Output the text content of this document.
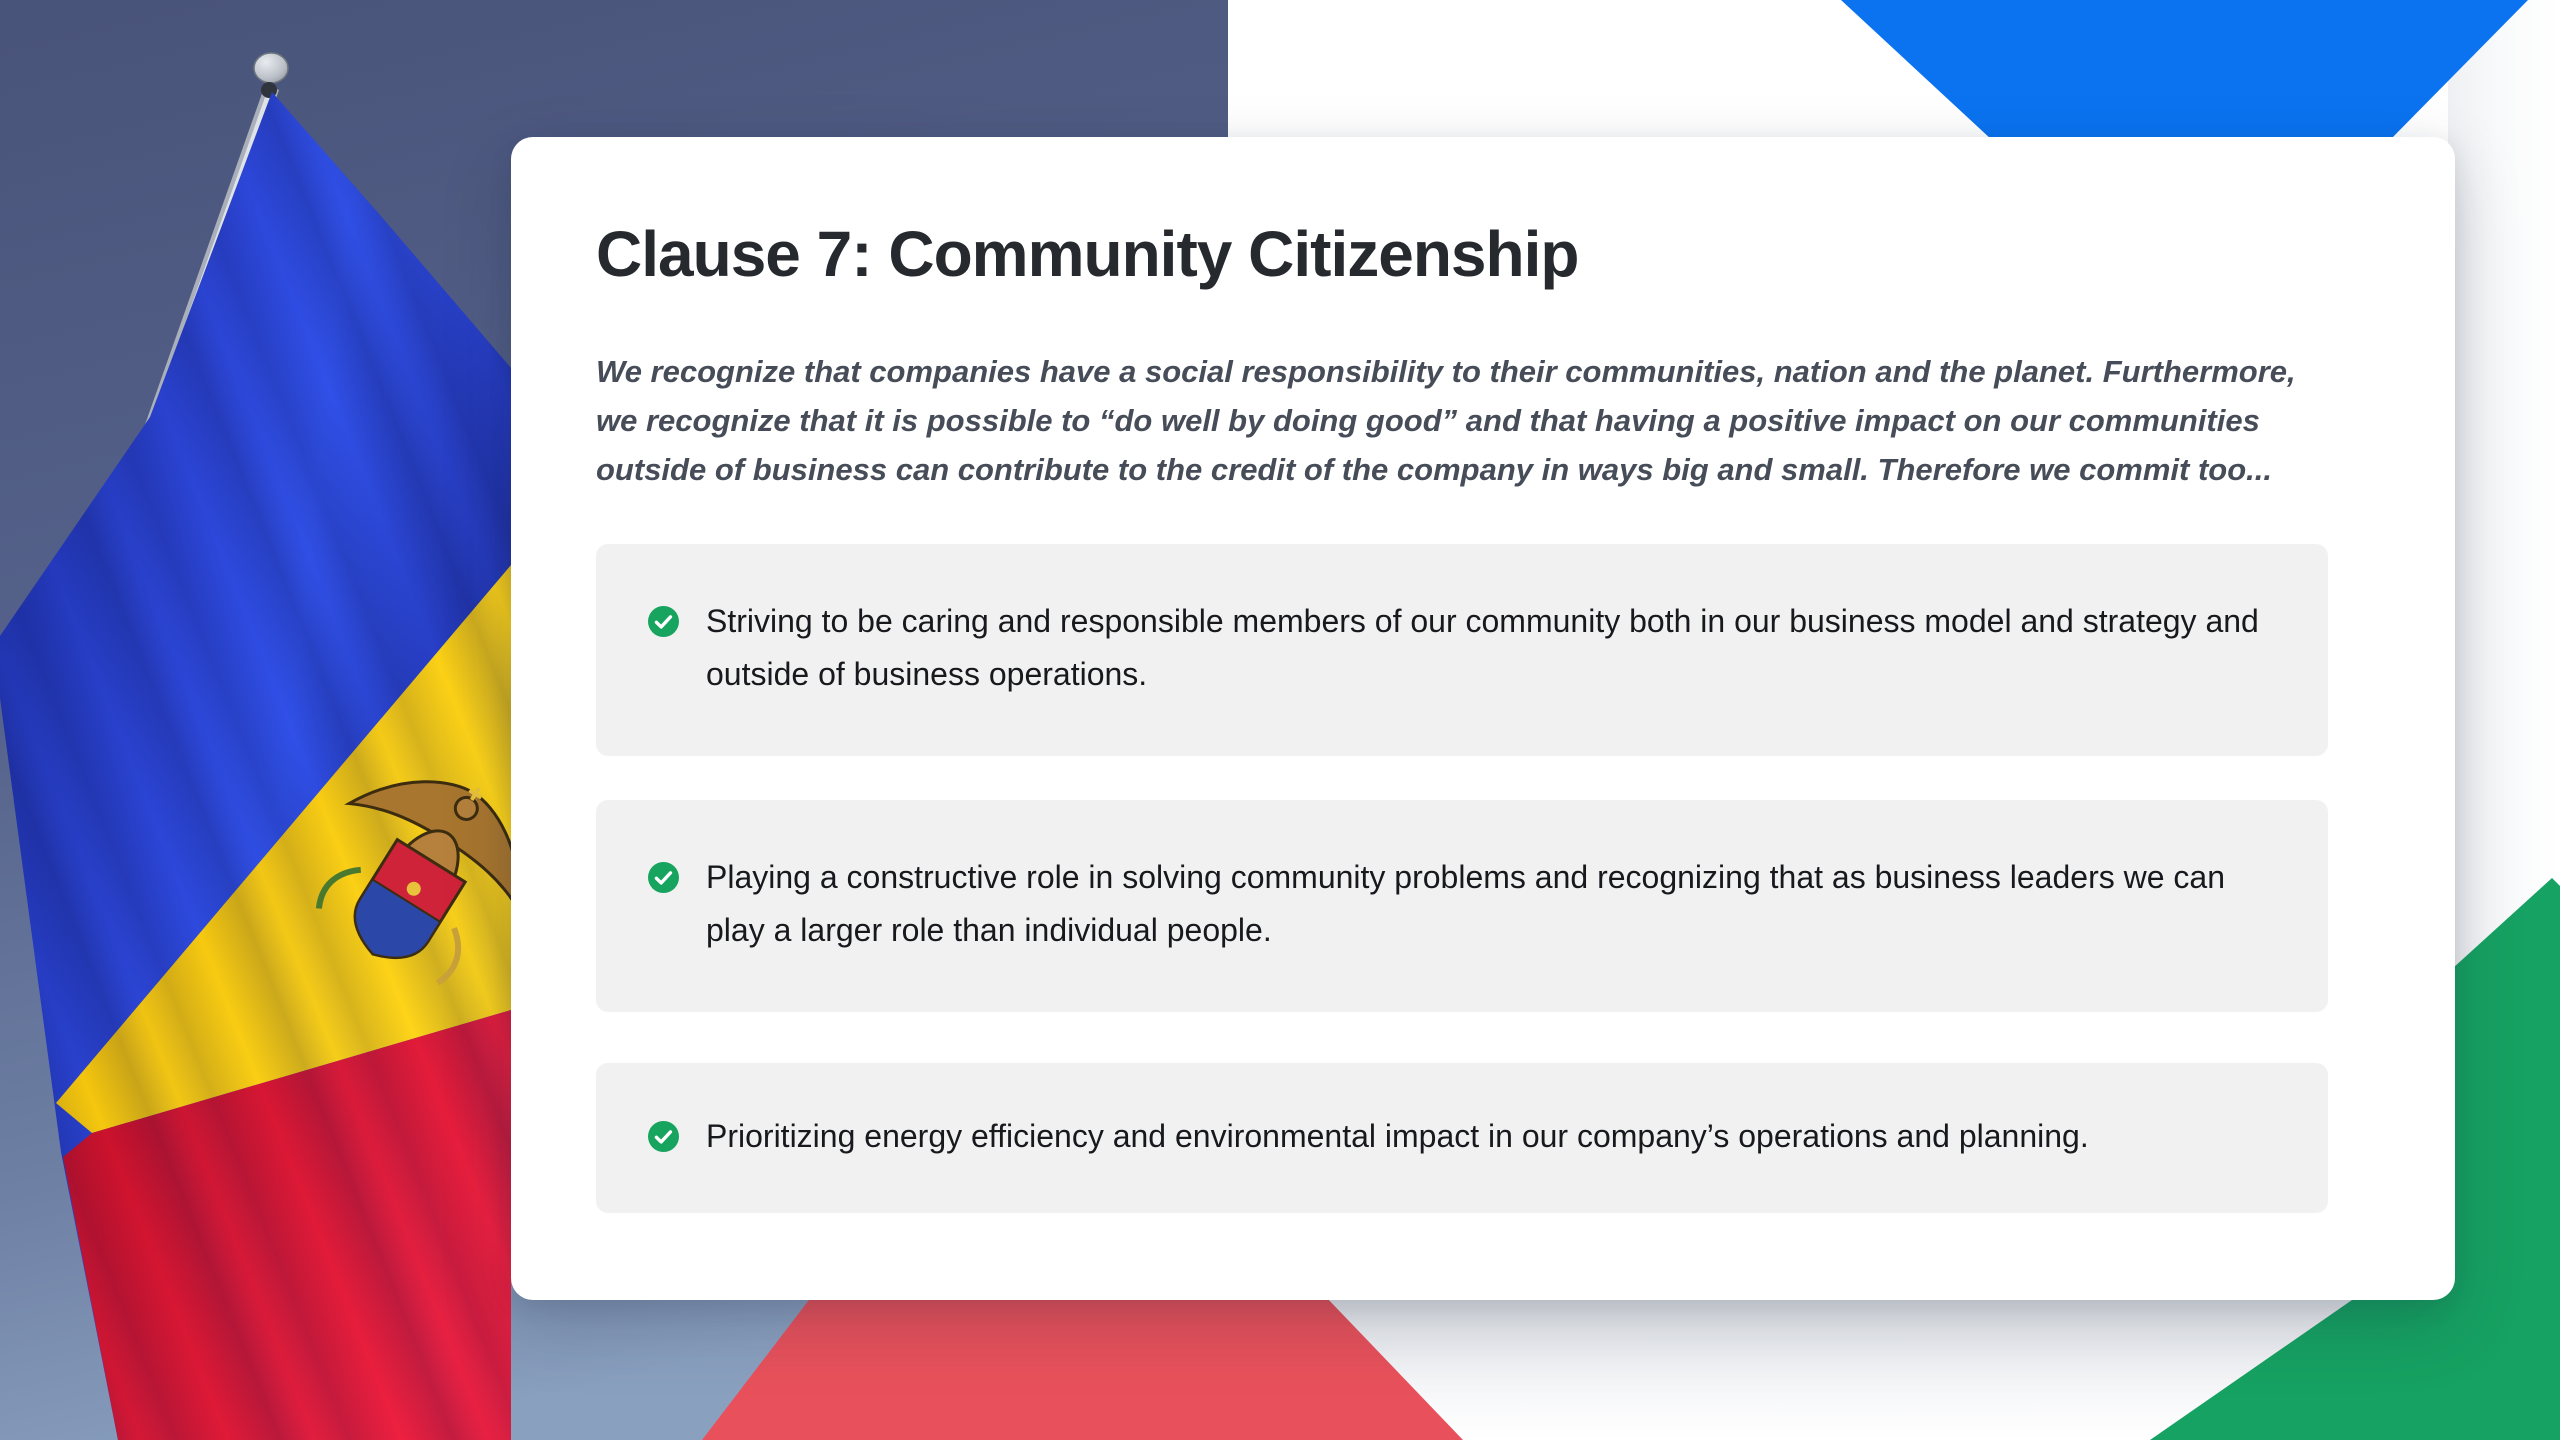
Clause 7: Community Citizenship

We recognize that companies have a social responsibility to their communities, nation and the planet. Furthermore, we recognize that it is possible to “do well by doing good” and that having a positive impact on our communities outside of business can contribute to the credit of the company in ways big and small. Therefore we commit too...

Striving to be caring and responsible members of our community both in our business model and strategy and outside of business operations.
Playing a constructive role in solving community problems and recognizing that as business leaders we can play a larger role than individual people.
Prioritizing energy efficiency and environmental impact in our company’s operations and planning.
